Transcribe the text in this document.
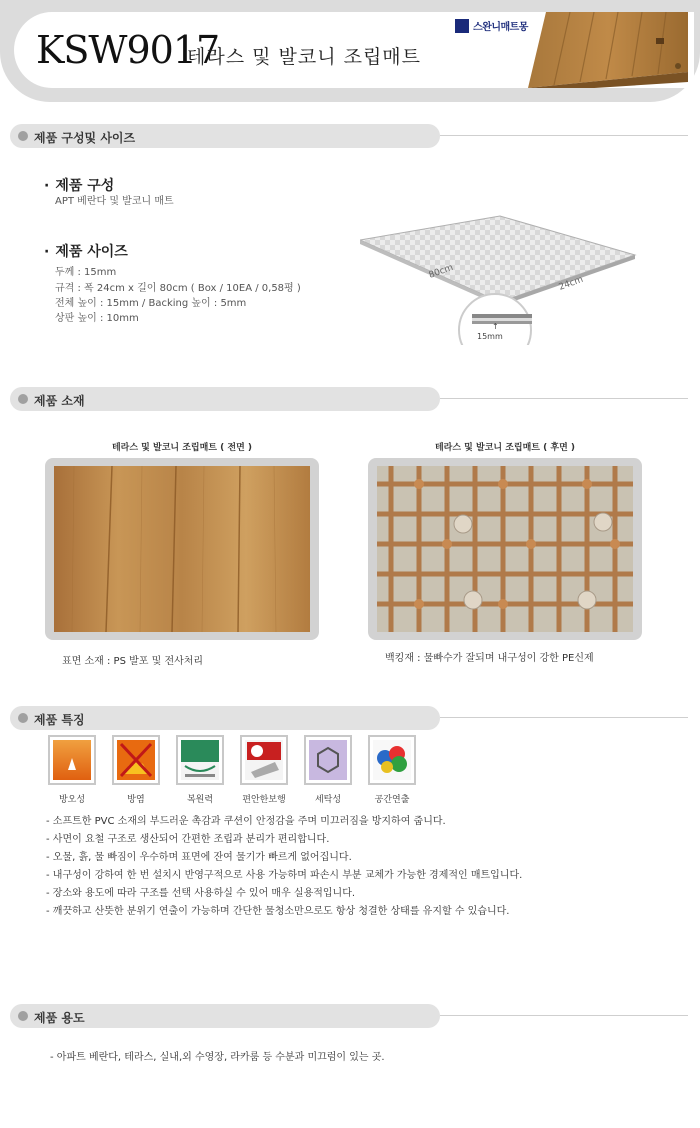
KSW9017
테라스 및 발코니 조립매트
스완니매트몽
제품 구성및 사이즈
· 제품 구성
APT 베란다 및 발코니 매트
· 제품 사이즈
두께 : 15mm
규격 : 폭 24cm x 길이 80cm ( Box / 10EA / 0,58평 )
전체 높이 : 15mm / Backing 높이 : 5mm
상판 높이 : 10mm
80cm
24cm
↑
15mm
제품 소재
테라스 및 발코니 조립매트 ( 전면 )	테라스 및 발코니 조립매트 ( 후면 )
표면 소재 : PS 발포 및 전사처리	백킹재 : 물빠수가 잘되며 내구성이 강한 PE신제
제품 특징
방오성	방염	복원력	편안한보행	세탁성	공간연출
- 소프트한 PVC 소재의 부드러운 촉감과 쿠션이 안정감을 주며 미끄러짐을 방지하여 줍니다.
- 사면이 요철 구조로 생산되어 간편한 조립과 분리가 편리합니다.
- 오물, 흙, 물 빠짐이 우수하며 표면에 잔여 물기가 빠르게 없어집니다.
- 내구성이 강하여 한 번 설치시 반영구적으로 사용 가능하며 파손시 부분 교체가 가능한 경제적인 매트입니다.
- 장소와 용도에 따라 구조를 선택 사용하실 수 있어 매우 실용적입니다.
- 깨끗하고 산뜻한 분위기 연출이 가능하며 간단한 물청소만으로도 항상 청결한 상태를 유지할 수 있습니다.
제품 용도
- 아파트 베란다, 테라스, 실내,외 수영장, 라카룸 등 수분과 미끄럼이 있는 곳.
